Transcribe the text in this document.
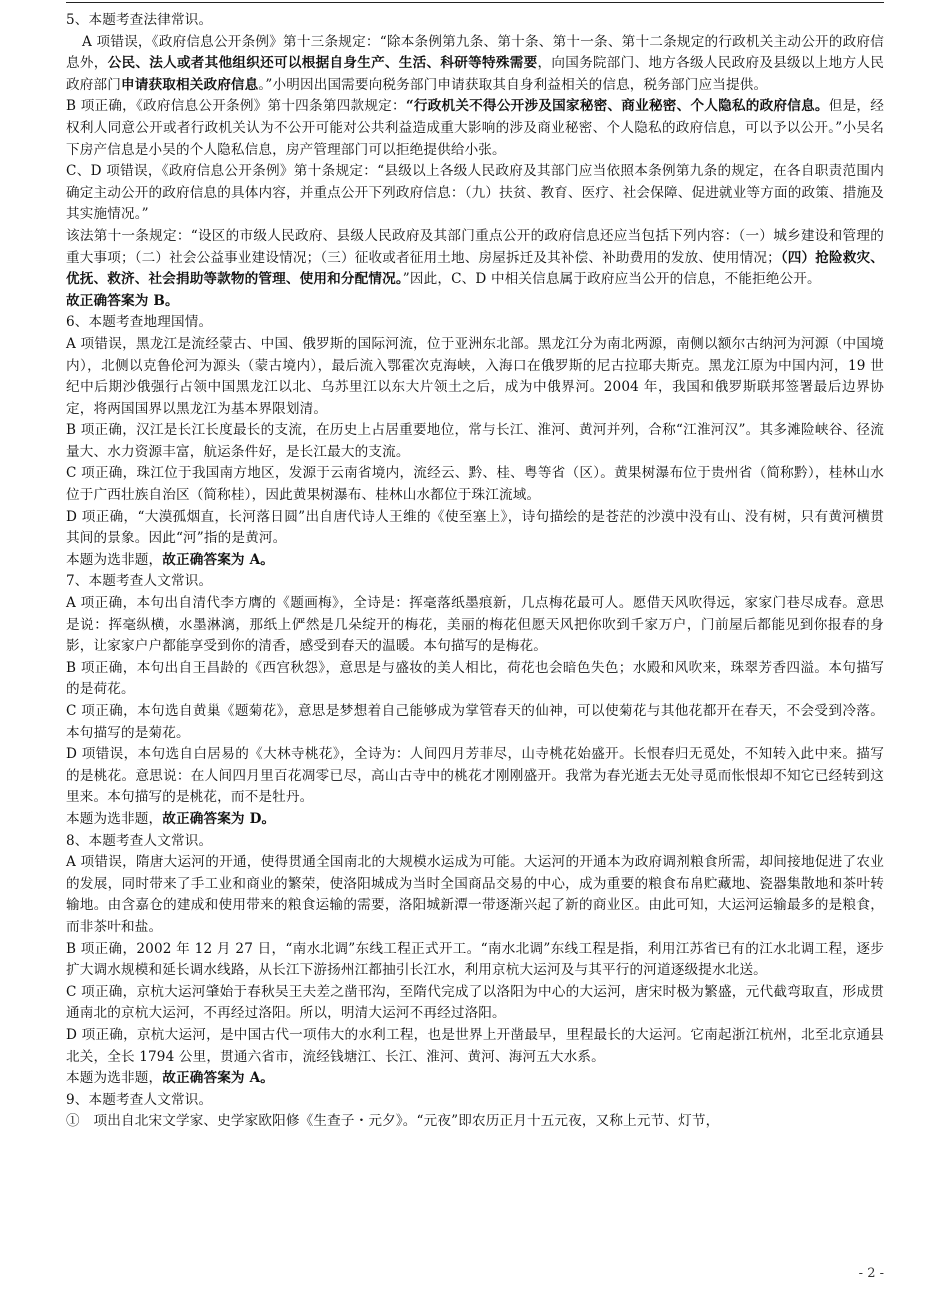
5、本题考查法律常识。

A 项错误，《政府信息公开条例》第十三条规定：“除本条例第九条、第十条、第十一条、第十二条规定的行政机关主动公开的政府信息外，公民、法人或者其他组织还可以根据自身生产、生活、科研等特殊需要，向国务院部门、地方各级人民政府及县级以上地方人民政府部门申请获取相关政府信息。”小明因出国需要向税务部门申请获取其自身利益相关的信息，税务部门应当提供。

B 项正确，《政府信息公开条例》第十四条第四款规定：“行政机关不得公开涉及国家秘密、商业秘密、个人隐私的政府信息。但是，经权利人同意公开或者行政机关认为不公开可能对公共利益造成重大影响的涉及商业秘密、个人隐私的政府信息，可以予以公开。”小吴名下房产信息是小吴的个人隐私信息，房产管理部门可以拒绝提供给小张。

C、D 项错误，《政府信息公开条例》第十条规定：“县级以上各级人民政府及其部门应当依照本条例第九条的规定，在各自职责范围内确定主动公开的政府信息的具体内容，并重点公开下列政府信息：（九）扶贫、教育、医疗、社会保障、促进就业等方面的政策、措施及其实施情况。”

该法第十一条规定：“设区的市级人民政府、县级人民政府及其部门重点公开的政府信息还应当包括下列内容：（一）城乡建设和管理的重大事项；（二）社会公益事业建设情况；（三）征收或者征用土地、房屋拆迁及其补偿、补助费用的发放、使用情况；（四）抢险救灾、优抚、救济、社会捐助等款物的管理、使用和分配情况。”因此，C、D 中相关信息属于政府应当公开的信息，不能拒绝公开。

故正确答案为 B。

6、本题考查地理国情。

A 项错误，黑龙江是流经蒙古、中国、俄罗斯的国际河流，位于亚洲东北部。黑龙江分为南北两源，南侧以额尔古纳河为河源（中国境内），北侧以克鲁伦河为源头（蒙古境内），最后流入鄂霍次克海峡，入海口在俄罗斯的尼古拉耶夫斯克。黑龙江原为中国内河，19 世纪中后期沙俄强行占领中国黑龙江以北、乌苏里江以东大片领土之后，成为中俄界河。2004 年，我国和俄罗斯联邦签署最后边界协定，将两国国界以黑龙江为基本界限划清。

B 项正确，汉江是长江长度最长的支流，在历史上占居重要地位，常与长江、淮河、黄河并列，合称“江淮河汉”。其多滩险峡谷、径流量大、水力资源丰富，航运条件好，是长江最大的支流。

C 项正确，珠江位于我国南方地区，发源于云南省境内，流经云、黔、桂、粤等省（区）。黄果树瀑布位于贵州省（简称黔），桂林山水位于广西壮族自治区（简称桂），因此黄果树瀑布、桂林山水都位于珠江流域。

D 项正确，“大漠孤烟直，长河落日圆”出自唐代诗人王维的《使至塞上》，诗句描绘的是苍茫的沙漠中没有山、没有树，只有黄河横贯其间的景象。因此“河”指的是黄河。

本题为选非题，故正确答案为 A。

7、本题考查人文常识。

A 项正确，本句出自清代李方膺的《题画梅》，全诗是：挥毫落纸墨痕新，几点梅花最可人。愿借天风吹得远，家家门巷尽成春。意思是说：挥毫纵横，水墨淋漓，那纸上俨然是几朵绽开的梅花，美丽的梅花但愿天风把你吹到千家万户，门前屋后都能见到你报春的身影，让家家户户都能享受到你的清香，感受到春天的温暖。本句描写的是梅花。

B 项正确，本句出自王昌龄的《西宫秋怨》，意思是与盛妆的美人相比，荷花也会暗色失色；水殿和风吹来，珠翠芳香四溢。本句描写的是荷花。

C 项正确，本句选自黄巢《题菊花》，意思是梦想着自己能够成为掌管春天的仙神，可以使菊花与其他花都开在春天，不会受到冷落。本句描写的是菊花。

D 项错误，本句选自白居易的《大林寺桃花》，全诗为：人间四月芳菲尽，山寺桃花始盛开。长恨春归无觅处，不知转入此中来。描写的是桃花。意思说：在人间四月里百花凋零已尽，高山古寺中的桃花才刚刚盛开。我常为春光逝去无处寻觅而怅恨却不知它已经转到这里来。本句描写的是桃花，而不是牡丹。

本题为选非题，故正确答案为 D。

8、本题考查人文常识。

A 项错误，隋唐大运河的开通，使得贯通全国南北的大规模水运成为可能。大运河的开通本为政府调剂粮食所需，却间接地促进了农业的发展，同时带来了手工业和商业的繁荣，使洛阳城成为当时全国商品交易的中心，成为重要的粮食布帛贮藏地、瓷器集散地和茶叶转输地。由含嘉仓的建成和使用带来的粮食运输的需要，洛阳城新潭一带逐渐兴起了新的商业区。由此可知，大运河运输最多的是粮食，而非茶叶和盐。

B 项正确，2002 年 12 月 27 日，“南水北调”东线工程正式开工。“南水北调”东线工程是指，利用江苏省已有的江水北调工程，逐步扩大调水规模和延长调水线路，从长江下游扬州江都抽引长江水，利用京杭大运河及与其平行的河道逐级提水北送。

C 项正确，京杭大运河肇始于春秋吴王夫差之凿邗沟，至隋代完成了以洛阳为中心的大运河，唐宋时极为繁盛，元代截弯取直，形成贯通南北的京杭大运河，不再经过洛阳。所以，明清大运河不再经过洛阳。

D 项正确，京杭大运河，是中国古代一项伟大的水利工程，也是世界上开凿最早，里程最长的大运河。它南起浙江杭州，北至北京通县北关，全长 1794 公里，贯通六省市，流经钱塘江、长江、淮河、黄河、海河五大水系。

本题为选非题，故正确答案为 A。

9、本题考查人文常识。

①　项出自北宋文学家、史学家欧阳修《生查子・元夕》。“元夜”即农历正月十五元夜，又称上元节、灯节，

- 2 -
